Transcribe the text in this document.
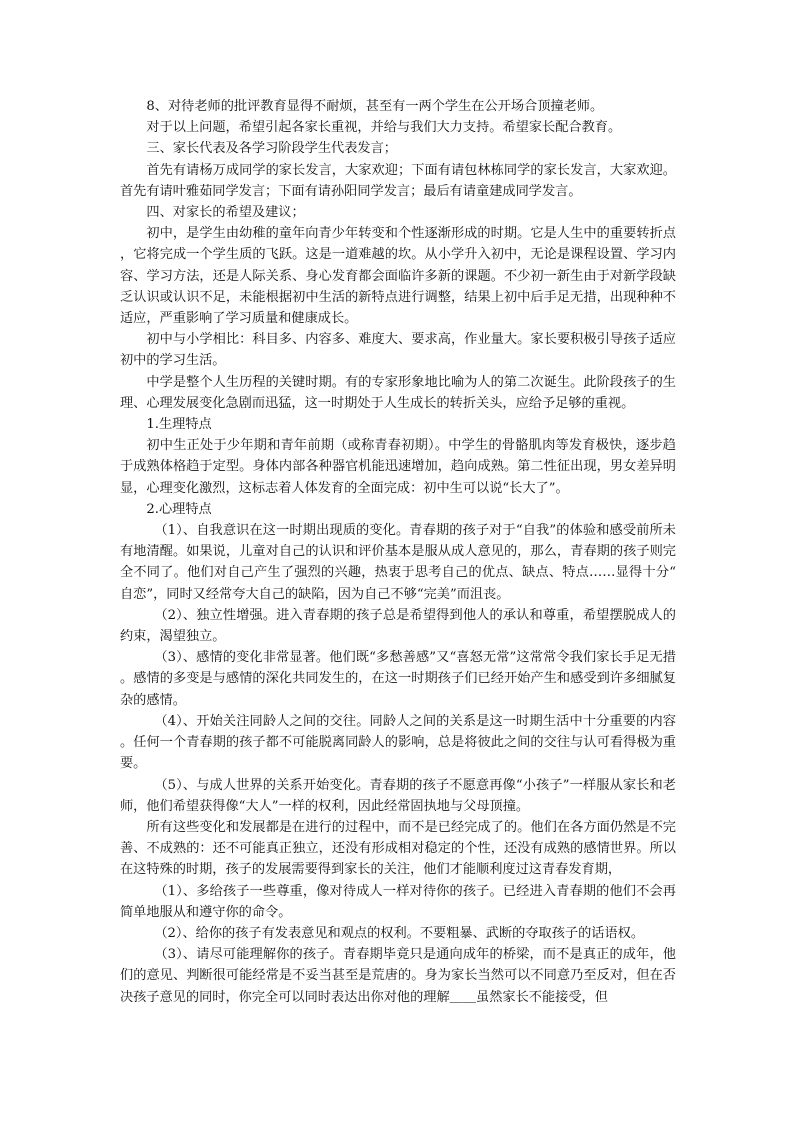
8、对待老师的批评教育显得不耐烦，甚至有一两个学生在公开场合顶撞老师。

对于以上问题，希望引起各家长重视，并给与我们大力支持。希望家长配合教育。

三、家长代表及各学习阶段学生代表发言；

首先有请杨万成同学的家长发言，大家欢迎；下面有请包林栋同学的家长发言，大家欢迎。首先有请叶雅茹同学发言；下面有请孙阳同学发言；最后有请童建成同学发言。

四、对家长的希望及建议；

初中，是学生由幼稚的童年向青少年转变和个性逐渐形成的时期。它是人生中的重要转折点，它将完成一个学生质的飞跃。这是一道难越的坎。从小学升入初中，无论是课程设置、学习内容、学习方法，还是人际关系、身心发育都会面临许多新的课题。不少初一新生由于对新学段缺乏认识或认识不足，未能根据初中生活的新特点进行调整，结果上初中后手足无措，出现种种不适应，严重影响了学习质量和健康成长。

初中与小学相比：科目多、内容多、难度大、要求高，作业量大。家长要积极引导孩子适应初中的学习生活。

中学是整个人生历程的关键时期。有的专家形象地比喻为人的第二次诞生。此阶段孩子的生理、心理发展变化急剧而迅猛，这一时期处于人生成长的转折关头，应给予足够的重视。

1.生理特点

初中生正处于少年期和青年前期（或称青春初期）。中学生的骨骼肌肉等发育极快，逐步趋于成熟体格趋于定型。身体内部各种器官机能迅速增加，趋向成熟。第二性征出现，男女差异明显，心理变化激烈，这标志着人体发育的全面完成：初中生可以说“长大了”。

2.心理特点

（1）、自我意识在这一时期出现质的变化。青春期的孩子对于“自我”的体验和感受前所未有地清醒。如果说，儿童对自己的认识和评价基本是服从成人意见的，那么，青春期的孩子则完全不同了。他们对自己产生了强烈的兴趣，热衷于思考自己的优点、缺点、特点……显得十分“自恋”，同时又经常夸大自己的缺陷，因为自己不够“完美”而沮丧。

（2）、独立性增强。进入青春期的孩子总是希望得到他人的承认和尊重，希望摆脱成人的约束，渴望独立。

（3）、感情的变化非常显著。他们既“多愁善感”又“喜怒无常”这常常令我们家长手足无措。感情的多变是与感情的深化共同发生的，在这一时期孩子们已经开始产生和感受到许多细腻复杂的感情。

（4）、开始关注同龄人之间的交往。同龄人之间的关系是这一时期生活中十分重要的内容。任何一个青春期的孩子都不可能脱离同龄人的影响，总是将彼此之间的交往与认可看得极为重要。

（5）、与成人世界的关系开始变化。青春期的孩子不愿意再像“小孩子”一样服从家长和老师，他们希望获得像“大人”一样的权利，因此经常固执地与父母顶撞。

所有这些变化和发展都是在进行的过程中，而不是已经完成了的。他们在各方面仍然是不完善、不成熟的：还不可能真正独立，还没有形成相对稳定的个性，还没有成熟的感情世界。所以在这特殊的时期，孩子的发展需要得到家长的关注，他们才能顺利度过这青春发育期，

（1）、多给孩子一些尊重，像对待成人一样对待你的孩子。已经进入青春期的他们不会再简单地服从和遵守你的命令。

（2）、给你的孩子有发表意见和观点的权利。不要粗暴、武断的夺取孩子的话语权。

（3）、请尽可能理解你的孩子。青春期毕竟只是通向成年的桥梁，而不是真正的成年，他们的意见、判断很可能经常是不妥当甚至是荒唐的。身为家长当然可以不同意乃至反对，但在否决孩子意见的同时，你完全可以同时表达出你对他的理解＿＿虽然家长不能接受，但
